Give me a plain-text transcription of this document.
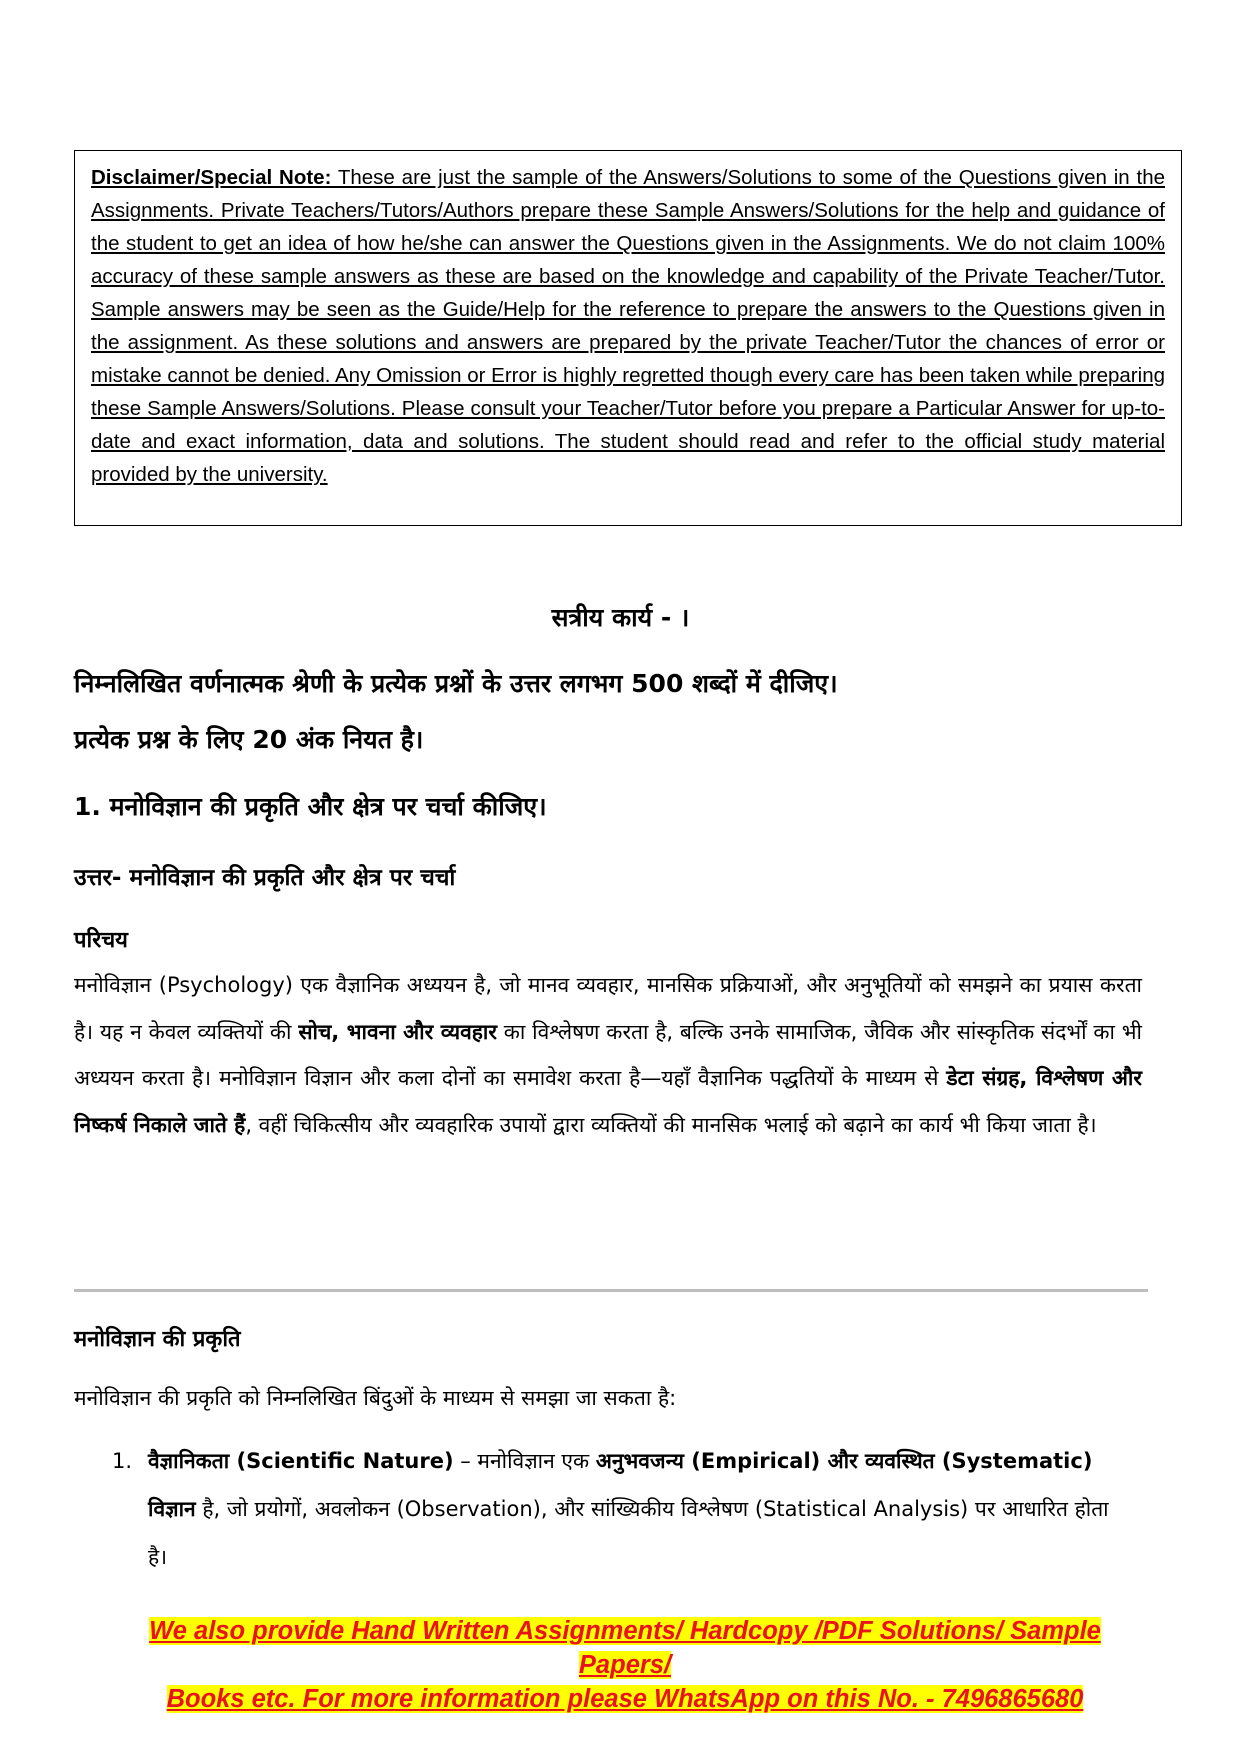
Disclaimer/Special Note: These are just the sample of the Answers/Solutions to some of the Questions given in the Assignments. Private Teachers/Tutors/Authors prepare these Sample Answers/Solutions for the help and guidance of the student to get an idea of how he/she can answer the Questions given in the Assignments. We do not claim 100% accuracy of these sample answers as these are based on the knowledge and capability of the Private Teacher/Tutor. Sample answers may be seen as the Guide/Help for the reference to prepare the answers to the Questions given in the assignment. As these solutions and answers are prepared by the private Teacher/Tutor the chances of error or mistake cannot be denied. Any Omission or Error is highly regretted though every care has been taken while preparing these Sample Answers/Solutions. Please consult your Teacher/Tutor before you prepare a Particular Answer for up-to-date and exact information, data and solutions. The student should read and refer to the official study material provided by the university.
सत्रीय कार्य - ।
निम्नलिखित वर्णनात्मक श्रेणी के प्रत्येक प्रश्नों के उत्तर लगभग 500 शब्दों में दीजिए।
प्रत्येक प्रश्न के लिए 20 अंक नियत है।
1. मनोविज्ञान की प्रकृति और क्षेत्र पर चर्चा कीजिए।
उत्तर- मनोविज्ञान की प्रकृति और क्षेत्र पर चर्चा
परिचय
मनोविज्ञान (Psychology) एक वैज्ञानिक अध्ययन है, जो मानव व्यवहार, मानसिक प्रक्रियाओं, और अनुभूतियों को समझने का प्रयास करता है। यह न केवल व्यक्तियों की सोच, भावना और व्यवहार का विश्लेषण करता है, बल्कि उनके सामाजिक, जैविक और सांस्कृतिक संदर्भों का भी अध्ययन करता है। मनोविज्ञान विज्ञान और कला दोनों का समावेश करता है—यहाँ वैज्ञानिक पद्धतियों के माध्यम से डेटा संग्रह, विश्लेषण और निष्कर्ष निकाले जाते हैं, वहीं चिकित्सीय और व्यवहारिक उपायों द्वारा व्यक्तियों की मानसिक भलाई को बढ़ाने का कार्य भी किया जाता है।
मनोविज्ञान की प्रकृति
मनोविज्ञान की प्रकृति को निम्नलिखित बिंदुओं के माध्यम से समझा जा सकता है:
1. वैज्ञानिकता (Scientific Nature) – मनोविज्ञान एक अनुभवजन्य (Empirical) और व्यवस्थित (Systematic) विज्ञान है, जो प्रयोगों, अवलोकन (Observation), और सांख्यिकीय विश्लेषण (Statistical Analysis) पर आधारित होता है।
We also provide Hand Written Assignments/ Hardcopy /PDF Solutions/ Sample Papers/
Books etc. For more information please WhatsApp on this No. - 7496865680
